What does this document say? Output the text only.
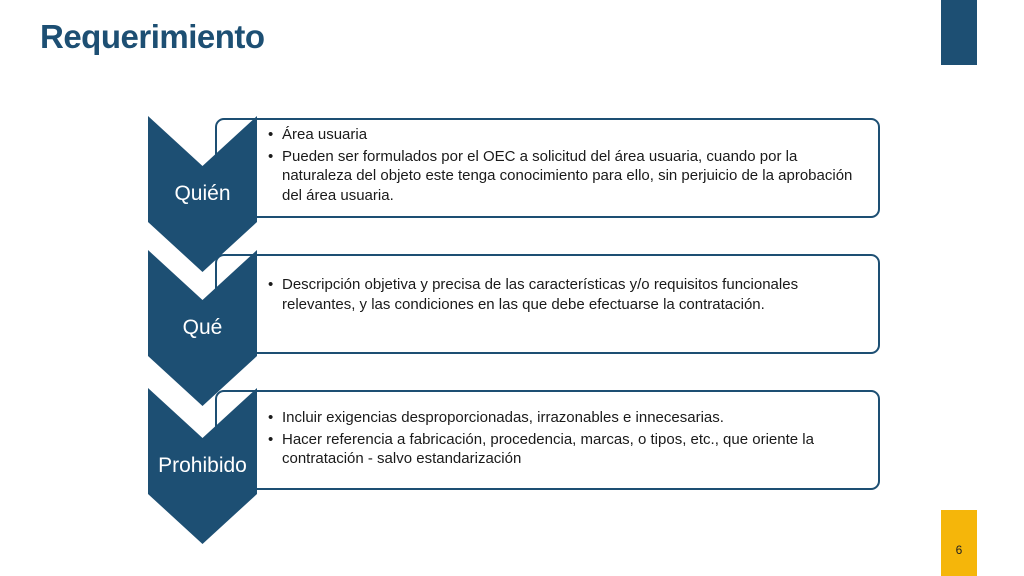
Requerimiento
Quién
• Área usuaria
• Pueden ser formulados por el OEC a solicitud del área usuaria, cuando por la naturaleza del objeto este tenga conocimiento para ello, sin perjuicio de la aprobación del área usuaria.
Qué
• Descripción objetiva y precisa de las características y/o requisitos funcionales relevantes, y las condiciones en las que debe efectuarse la contratación.
Prohibido
• Incluir exigencias desproporcionadas, irrazonables e innecesarias.
• Hacer referencia a fabricación, procedencia, marcas, o tipos, etc., que oriente la contratación - salvo estandarización
6
